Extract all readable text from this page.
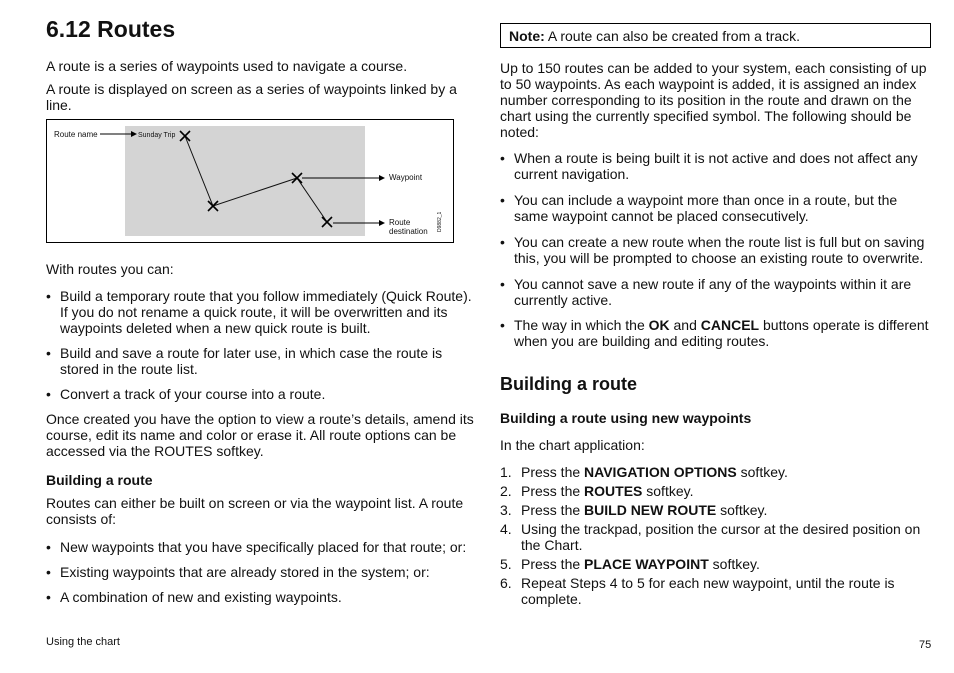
6.12 Routes

A route is a series of waypoints used to navigate a course.

A route is displayed on screen as a series of waypoints linked by a line.

Route name	Sunday Trip
Waypoint
Route
destination D9882_1

With routes you can:

• Build a temporary route that you follow immediately (Quick Route). If you do not rename a quick route, it will be overwritten and its waypoints deleted when a new quick route is built.
• Build and save a route for later use, in which case the route is stored in the route list.
• Convert a track of your course into a route.

Once created you have the option to view a route’s details, amend its course, edit its name and color or erase it. All route options can be accessed via the ROUTES softkey.

Building a route

Routes can either be built on screen or via the waypoint list. A route consists of:

• New waypoints that you have specifically placed for that route; or:
• Existing waypoints that are already stored in the system; or:
• A combination of new and existing waypoints.
Note: A route can also be created from a track.

Up to 150 routes can be added to your system, each consisting of up to 50 waypoints. As each waypoint is added, it is assigned an index number corresponding to its position in the route and drawn on the chart using the currently specified symbol. The following should be noted:

• When a route is being built it is not active and does not affect any current navigation.
• You can include a waypoint more than once in a route, but the same waypoint cannot be placed consecutively.
• You can create a new route when the route list is full but on saving this, you will be prompted to choose an existing route to overwrite.
• You cannot save a new route if any of the waypoints within it are currently active.
• The way in which the OK and CANCEL buttons operate is different when you are building and editing routes.

Building a route

Building a route using new waypoints

In the chart application:

1. Press the NAVIGATION OPTIONS softkey.
2. Press the ROUTES softkey.
3. Press the BUILD NEW ROUTE softkey.
4. Using the trackpad, position the cursor at the desired position on the Chart.
5. Press the PLACE WAYPOINT softkey.
6. Repeat Steps 4 to 5 for each new waypoint, until the route is complete.
Using the chart	75
